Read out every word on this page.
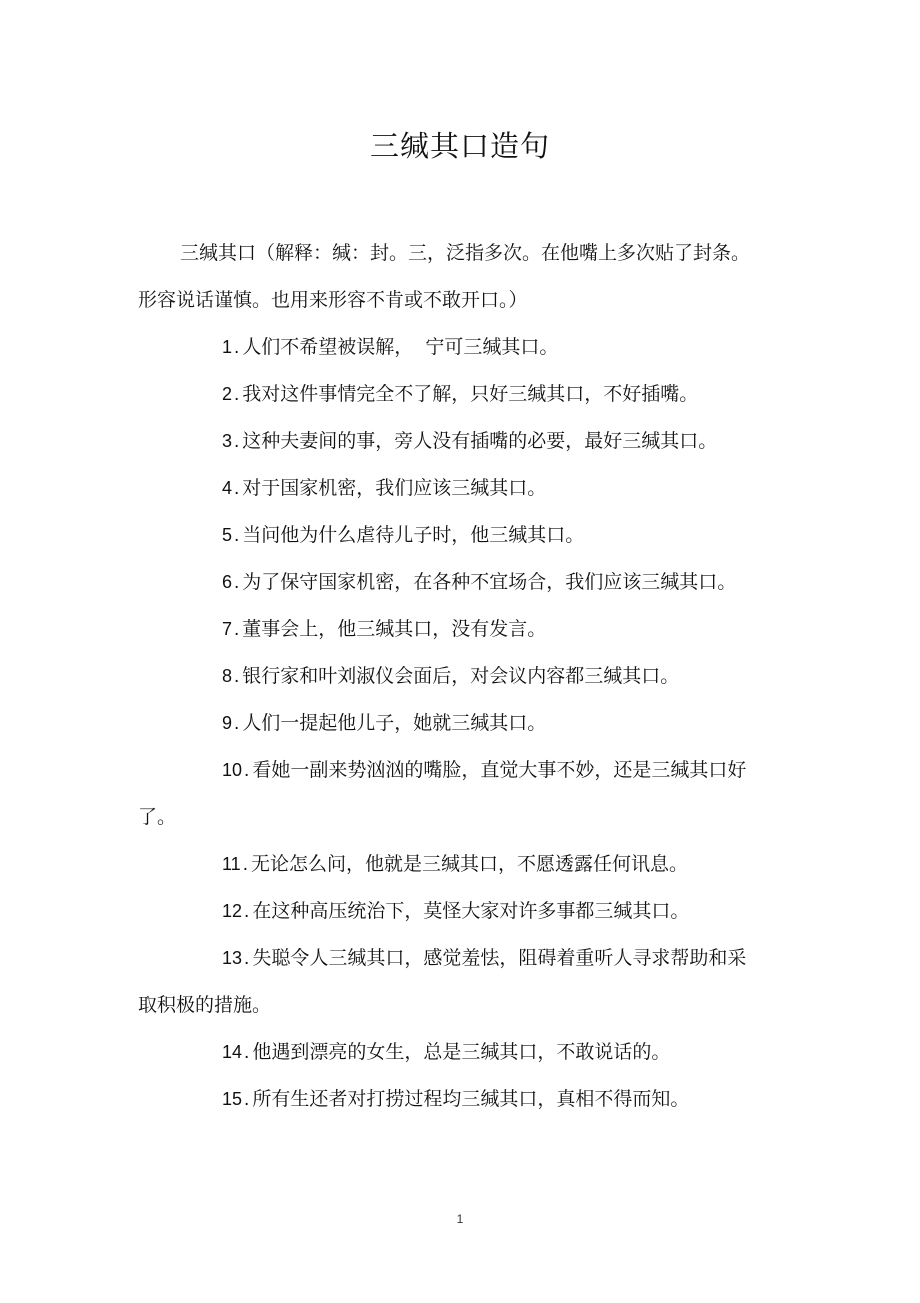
三缄其口造句

三缄其口（解释：缄：封。三，泛指多次。在他嘴上多次贴了封条。形容说话谨慎。也用来形容不肯或不敢开口。）

1 . 人们不希望被误解，  宁可三缄其口。

2 . 我对这件事情完全不了解，只好三缄其口，不好插嘴。

3 . 这种夫妻间的事，旁人没有插嘴的必要，最好三缄其口。

4 . 对于国家机密，我们应该三缄其口。

5 . 当问他为什么虐待儿子时，他三缄其口。

6 . 为了保守国家机密，在各种不宜场合，我们应该三缄其口。

7 . 董事会上，他三缄其口，没有发言。

8 . 银行家和叶刘淑仪会面后，对会议内容都三缄其口。

9 . 人们一提起他儿子，她就三缄其口。

10 . 看她一副来势汹汹的嘴脸，直觉大事不妙，还是三缄其口好了。

11 . 无论怎么问，他就是三缄其口，不愿透露任何讯息。

12 . 在这种高压统治下，莫怪大家对许多事都三缄其口。

13 . 失聪令人三缄其口，感觉羞怯，阻碍着重听人寻求帮助和采取积极的措施。

14 . 他遇到漂亮的女生，总是三缄其口，不敢说话的。

15 . 所有生还者对打捞过程均三缄其口，真相不得而知。

1
